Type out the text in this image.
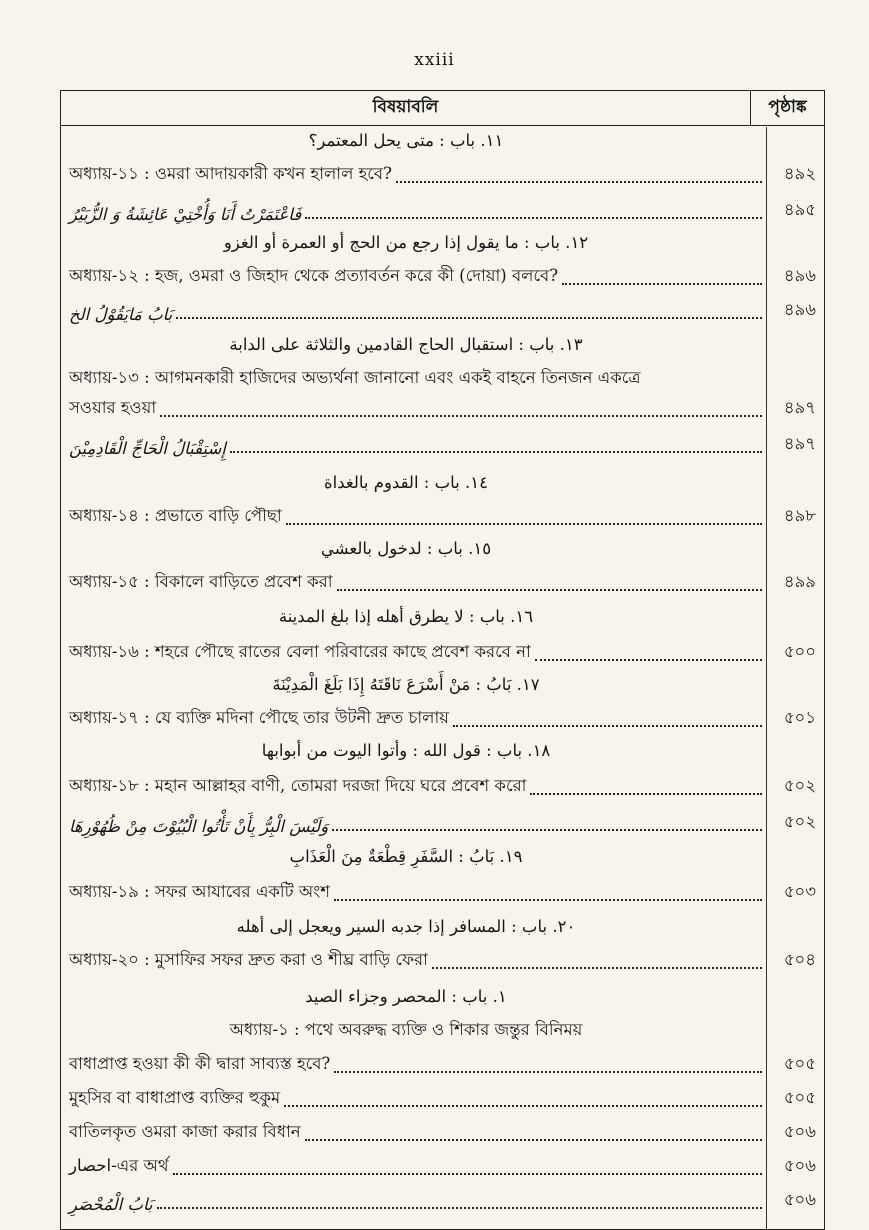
xxiii
বিষয়াবলি	পৃষ্ঠাঙ্ক
١١. باب : متى يحل المعتمر؟
অধ্যায়-১১ : ওমরা আদায়কারী কখন হালাল হবে?	৪৯২
فَاعْتَمَرْتُ أَنَا وَأُخْتِيْ عَائِشَةُ وَ الزُّبَيْرُ	৪৯৫
١٢. باب : ما يقول إذا رجع من الحج أو العمرة أو الغزو
অধ্যায়-১২ : হজ, ওমরা ও জিহাদ থেকে প্রত্যাবর্তন করে কী (দোয়া) বলবে?	৪৯৬
بَابُ مَايَقُوْلُ الخ	৪৯৬
١٣. باب : استقبال الحاج القادمين والثلاثة على الدابة
অধ্যায়-১৩ : আগমনকারী হাজিদের অভ্যর্থনা জানানো এবং একই বাহনে তিনজন একত্রে
সওয়ার হওয়া	৪৯৭
إِسْتِقْبَالُ الْحَاجِّ الْقَادِمِيْنَ	৪৯৭
١٤. باب : القدوم بالغداة
অধ্যায়-১৪ : প্রভাতে বাড়ি পৌছা	৪৯৮
١٥. باب : لدخول بالعشي
অধ্যায়-১৫ : বিকালে বাড়িতে প্রবেশ করা	৪৯৯
١٦. باب : لا يطرق أهله إذا بلغ المدينة
অধ্যায়-১৬ : শহরে পৌছে রাতের বেলা পরিবারের কাছে প্রবেশ করবে না	৫০০
١٧. بَابُ : مَنْ أَسْرَعَ نَاقَتَهُ إِذَا بَلَغَ الْمَدِيْنَةَ
অধ্যায়-১৭ : যে ব্যক্তি মদিনা পৌছে তার উটনী দ্রুত চালায়	৫০১
١٨. باب : قول الله : وأتوا اليوت من أبوابها
অধ্যায়-১৮ : মহান আল্লাহর বাণী, তোমরা দরজা দিয়ে ঘরে প্রবেশ করো	৫০২
وَلَيْسَ الْبِرُّ بِأَنْ تَأْتُوا الْبُيُوْتَ مِنْ ظُهُوْرِهَا	৫০২
١٩. بَابُ : السَّفَرِ قِطْعَةٌ مِنَ الْعَذَابِ
অধ্যায়-১৯ : সফর আযাবের একটি অংশ	৫০৩
٢٠. باب : المسافر إذا جدبه السير ويعجل إلى أهله
অধ্যায়-২০ : মুসাফির সফর দ্রুত করা ও শীঘ্র বাড়ি ফেরা	৫০৪
١. باب : المحصر وجزاء الصيد
অধ্যায়-১ : পথে অবরুদ্ধ ব্যক্তি ও শিকার জন্তুর বিনিময়
বাধাপ্রাপ্ত হওয়া কী কী দ্বারা সাব্যস্ত হবে?	৫০৫
মুহসির বা বাধাপ্রাপ্ত ব্যক্তির হুকুম	৫০৫
বাতিলকৃত ওমরা কাজা করার বিধান	৫০৬
احصار-এর অর্থ	৫০৬
بَابُ الْمُحْصَرِ	৫০৬
